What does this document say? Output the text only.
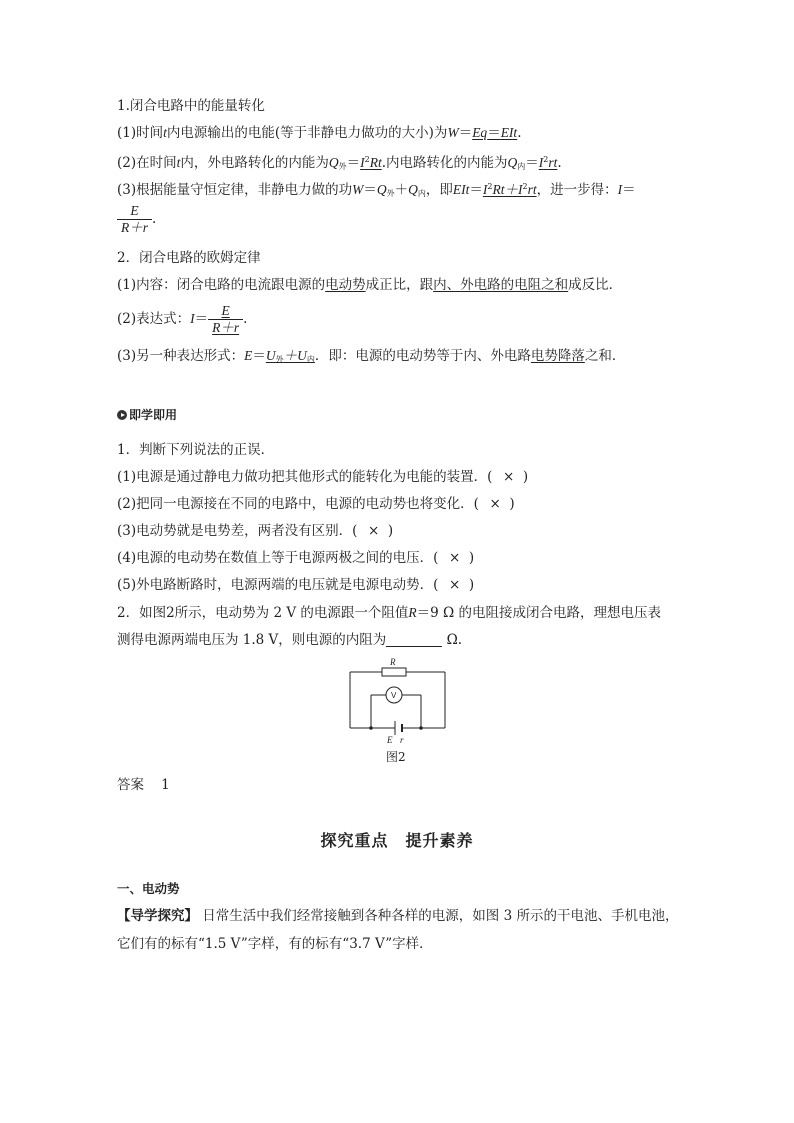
1.闭合电路中的能量转化
(1)时间t内电源输出的电能(等于非静电力做功的大小)为W＝Eq＝EIt.
(2)在时间t内，外电路转化的内能为$Q_外=I^2Rt$.内电路转化的内能为$Q_内=I^2rt$.
(3)根据能量守恒定律，非静电力做的功$W=Q_外+Q_内$，即$EIt=I^2Rt+I^2rt$，进一步得：I＝
$\frac{E}{R+r}$ .
2．闭合电路的欧姆定律
(1)内容：闭合电路的电流跟电源的电动势成正比，跟内、外电路的电阻之和成反比．
(2)表达式：$I= \frac{E}{R+r}$ .
(3)另一种表达形式：$E=U_外+U_内$．即：电源的电动势等于内、外电路电势降落之和．
即学即用
1．判断下列说法的正误．
(1)电源是通过静电力做功把其他形式的能转化为电能的装置．( × )
(2)把同一电源接在不同的电路中，电源的电动势也将变化．( × )
(3)电动势就是电势差，两者没有区别．( × )
(4)电源的电动势在数值上等于电源两极之间的电压．( × )
(5)外电路断路时，电源两端的电压就是电源电动势．( × )
2．如图2所示，电动势为 2 V 的电源跟一个阻值R＝9 Ω 的电阻接成闭合电路，理想电压表
测得电源两端电压为 1.8 V，则电源的内阻为	Ω.
R
V
E r
图2
答案 1
探究重点　提升素养
一、电动势
【导学探究】 日常生活中我们经常接触到各种各样的电源，如图 3 所示的干电池、手机电池，
它们有的标有“1.5 V”字样，有的标有“3.7 V”字样．
